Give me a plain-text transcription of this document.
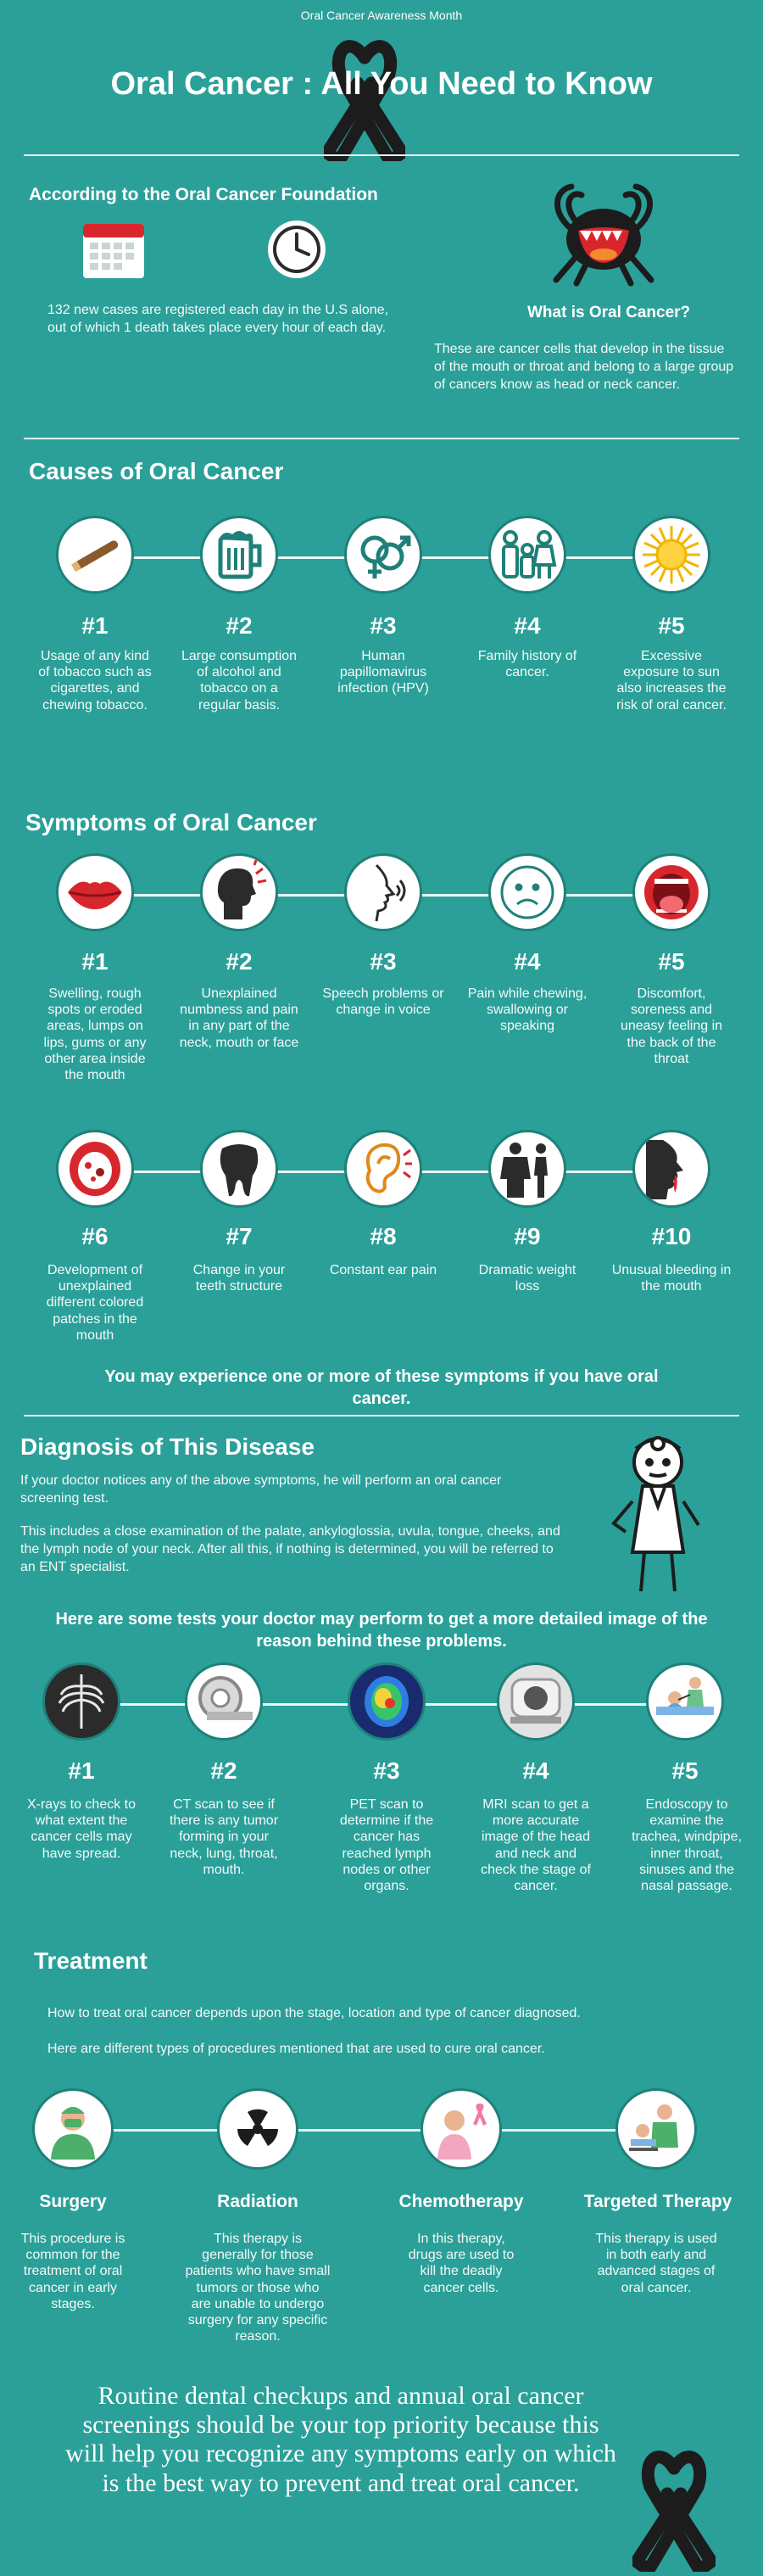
Oral Cancer Awareness Month
Oral Cancer : All You Need to Know
According to the Oral Cancer Foundation
132 new cases are registered each day in the U.S alone, out of which 1 death takes place every hour of each day.
What is Oral Cancer?
These are cancer cells that develop in the tissue of the mouth or throat and belong to a large group of cancers know as head or neck cancer.
Causes of Oral Cancer
#1	#2	#3	#4	#5
Usage of any kind of tobacco such as cigarettes, and chewing tobacco.
Large consumption of alcohol and tobacco on a regular basis.
Human papillomavirus infection (HPV)
Family history of cancer.
Excessive exposure to sun also increases the risk of oral cancer.
Symptoms of Oral Cancer
#1	#2	#3	#4	#5
Swelling, rough spots or eroded areas, lumps on lips, gums or any other area inside the mouth
Unexplained numbness and pain in any part of the neck, mouth or face
Speech problems or change in voice
Pain while chewing, swallowing or speaking
Discomfort, soreness and uneasy feeling in the back of the throat
#6	#7	#8	#9	#10
Development of unexplained different colored patches in the mouth
Change in your teeth structure
Constant ear pain	Dramatic weight loss
Unusual bleeding in the mouth
You may experience one or more of these symptoms if you have oral cancer.
Diagnosis of This Disease
If your doctor notices any of the above symptoms, he will perform an oral cancer screening test.
This includes a close examination of the palate, ankyloglossia, uvula, tongue, cheeks, and the lymph node of your neck. After all this, if nothing is determined, you will be referred to an ENT specialist.
Here are some tests your doctor may perform to get a more detailed image of the reason behind these problems.
#1	#2	#3	#4	#5
X-rays to check to what extent the cancer cells may have spread.
CT scan to see if there is any tumor forming in your neck, lung, throat, mouth.
PET scan to determine if the cancer has reached lymph nodes or other organs.
MRI scan to get a more accurate image of the head and neck and check the stage of cancer.
Endoscopy to examine the trachea, windpipe, inner throat, sinuses and the nasal passage.
Treatment
How to treat oral cancer depends upon the stage, location and type of cancer diagnosed.
Here are different types of procedures mentioned that are used to cure oral cancer.
Surgery	Radiation	Chemotherapy	Targeted Therapy
This procedure is common for the treatment of oral cancer in early stages.
This therapy is generally for those patients who have small tumors or those who are unable to undergo surgery for any specific reason.
In this therapy, drugs are used to kill the deadly cancer cells.
This therapy is used in both early and advanced stages of oral cancer.
Routine dental checkups and annual oral cancer screenings should be your top priority because this will help you recognize any symptoms early on which is the best way to prevent and treat oral cancer.
